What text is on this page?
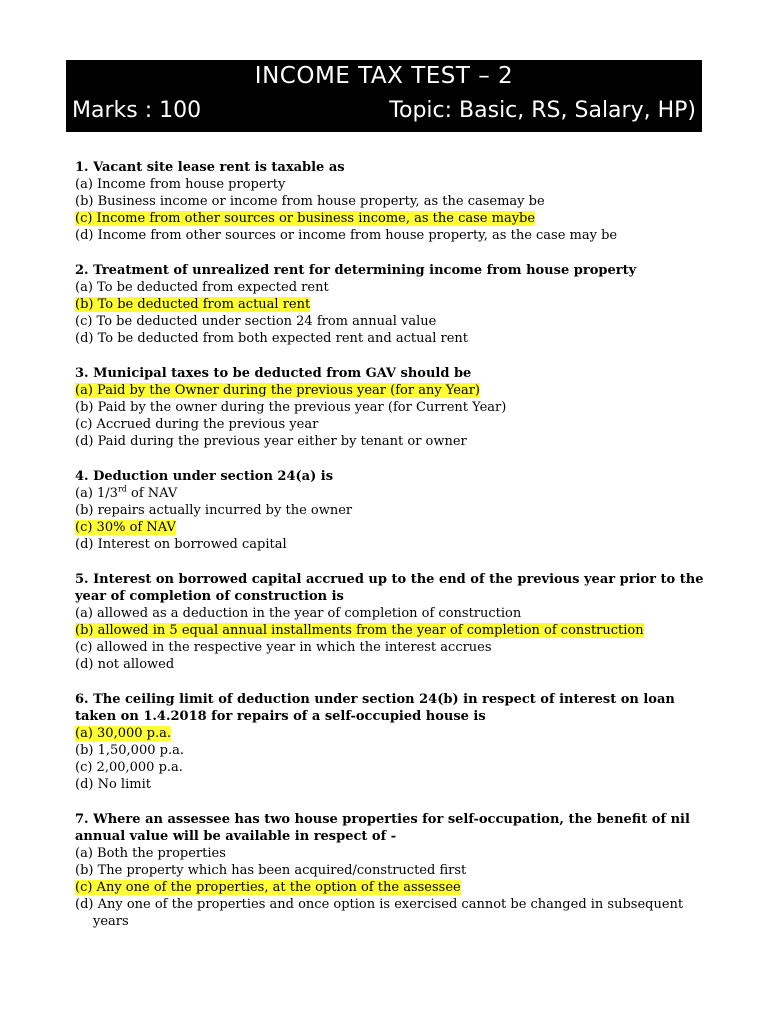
INCOME TAX TEST – 2
Marks : 100	Topic: Basic, RS, Salary, HP)
1. Vacant site lease rent is taxable as
(a) Income from house property
(b) Business income or income from house property, as the casemay be
(c) Income from other sources or business income, as the case maybe
(d) Income from other sources or income from house property, as the case may be
2. Treatment of unrealized rent for determining income from house property
(a) To be deducted from expected rent
(b) To be deducted from actual rent
(c) To be deducted under section 24 from annual value
(d) To be deducted from both expected rent and actual rent
3. Municipal taxes to be deducted from GAV should be
(a) Paid by the Owner during the previous year (for any Year)
(b) Paid by the owner during the previous year (for Current Year)
(c) Accrued during the previous year
(d) Paid during the previous year either by tenant or owner
4. Deduction under section 24(a) is
(a) 1/3rd of NAV
(b) repairs actually incurred by the owner
(c) 30% of NAV
(d) Interest on borrowed capital
5. Interest on borrowed capital accrued up to the end of the previous year prior to the year of completion of construction is
(a) allowed as a deduction in the year of completion of construction
(b) allowed in 5 equal annual installments from the year of completion of construction
(c) allowed in the respective year in which the interest accrues
(d) not allowed
6. The ceiling limit of deduction under section 24(b) in respect of interest on loan taken on 1.4.2018 for repairs of a self-occupied house is
(a) 30,000 p.a.
(b) 1,50,000 p.a.
(c) 2,00,000 p.a.
(d) No limit
7. Where an assessee has two house properties for self-occupation, the benefit of nil annual value will be available in respect of -
(a) Both the properties
(b) The property which has been acquired/constructed first
(c) Any one of the properties, at the option of the assessee
(d) Any one of the properties and once option is exercised cannot be changed in subsequent years
